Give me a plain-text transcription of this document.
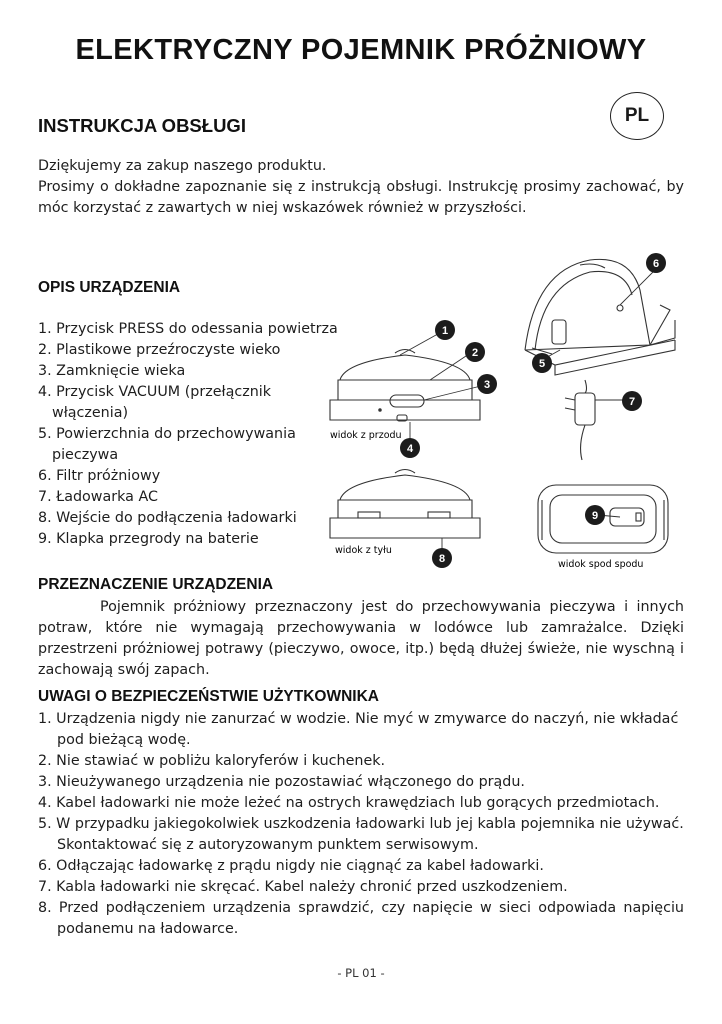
ELEKTRYCZNY POJEMNIK PRÓŻNIOWY
INSTRUKCJA OBSŁUGI	PL

Dziękujemy za zakup naszego produktu.

Prosimy o dokładne zapoznanie się z instrukcją obsługi. Instrukcję prosimy zachować, by móc korzystać z zawartych w niej wskazówek również w przyszłości.

OPIS URZĄDZENIA
1. Przycisk PRESS do odessania powietrza
2. Plastikowe przeźroczyste wieko
3. Zamknięcie wieka
4. Przycisk VACUUM (przełącznik włączenia)
5. Powierzchnia do przechowywania pieczywa
6. Filtr próżniowy
7. Ładowarka AC
8. Wejście do podłączenia ładowarki
9. Klapka przegrody na baterie
1
2
3
4
5
6
7
8
9
widok z przodu
widok z tyłu
widok spod spodu
PRZEZNACZENIE URZĄDZENIA
Pojemnik próżniowy przeznaczony jest do przechowywania pieczywa i innych potraw, które nie wymagają przechowywania w lodówce lub zamrażalce. Dzięki przestrzeni próżniowej potrawy (pieczywo, owoce, itp.) będą dłużej świeże, nie wyschną i zachowają swój zapach.
UWAGI O BEZPIECZEŃSTWIE UŻYTKOWNIKA
1. Urządzenia nigdy nie zanurzać w wodzie. Nie myć w zmywarce do naczyń, nie wkładać pod bieżącą wodę.
2. Nie stawiać w pobliżu kaloryferów i kuchenek.
3. Nieużywanego urządzenia nie pozostawiać włączonego do prądu.
4. Kabel ładowarki nie może leżeć na ostrych krawędziach lub gorących przedmiotach.
5. W przypadku jakiegokolwiek uszkodzenia ładowarki lub jej kabla pojemnika nie używać. Skontaktować się z autoryzowanym punktem serwisowym.
6. Odłączając ładowarkę z prądu nigdy nie ciągnąć za kabel ładowarki.
7. Kabla ładowarki nie skręcać. Kabel należy chronić przed uszkodzeniem.
8. Przed podłączeniem urządzenia sprawdzić, czy napięcie w sieci odpowiada napięciu podanemu na ładowarce.
- PL 01 -
